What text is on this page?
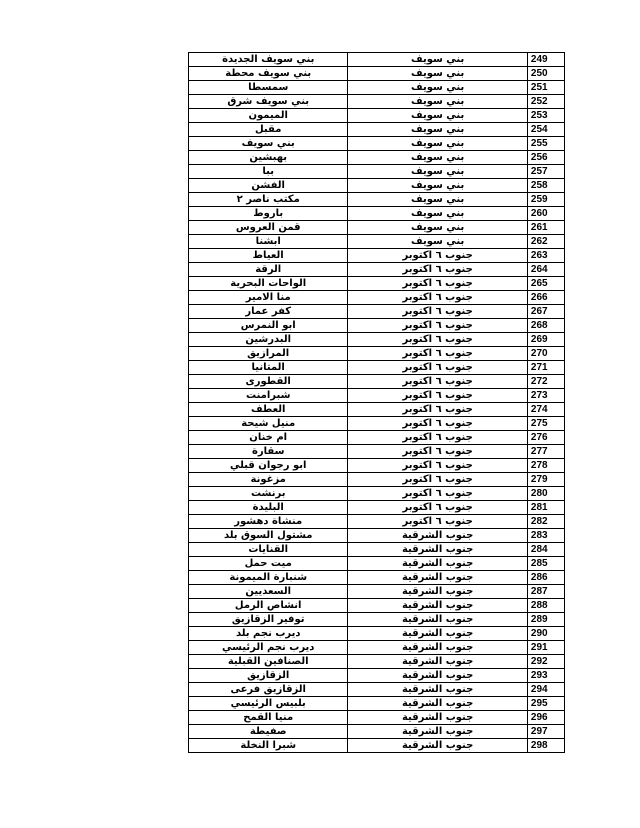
بني سويف الجديدة	بني سويف	249
بني سويف محطة	بني سويف	250
سمسطا	بني سويف	251
بني سويف شرق	بني سويف	252
الميمون	بني سويف	253
مقبل	بني سويف	254
بني سويف	بني سويف	255
بهبشين	بني سويف	256
ببا	بني سويف	257
الفشن	بني سويف	258
مكتب ناصر ٢	بني سويف	259
باروط	بني سويف	260
قمن العروس	بني سويف	261
ابشنا	بني سويف	262
العياط	جنوب ٦ اكتوبر	263
الرقة	جنوب ٦ اكتوبر	264
الواحات البحرية	جنوب ٦ اكتوبر	265
منا الامير	جنوب ٦ اكتوبر	266
كفر عمار	جنوب ٦ اكتوبر	267
ابو النمرس	جنوب ٦ اكتوبر	268
البدرشين	جنوب ٦ اكتوبر	269
المرازيق	جنوب ٦ اكتوبر	270
المتانيا	جنوب ٦ اكتوبر	271
القطورى	جنوب ٦ اكتوبر	272
شبرامنت	جنوب ٦ اكتوبر	273
العطف	جنوب ٦ اكتوبر	274
منيل شيحة	جنوب ٦ اكتوبر	275
ام خنان	جنوب ٦ اكتوبر	276
سقارة	جنوب ٦ اكتوبر	277
ابو رجوان قبلي	جنوب ٦ اكتوبر	278
مزغونة	جنوب ٦ اكتوبر	279
برنشت	جنوب ٦ اكتوبر	280
البليدة	جنوب ٦ اكتوبر	281
منشاة دهشور	جنوب ٦ اكتوبر	282
مشتول السوق بلد	جنوب الشرقية	283
القنايات	جنوب الشرقية	284
ميت حمل	جنوب الشرقية	285
شنبارة الميمونة	جنوب الشرقية	286
السعديين	جنوب الشرقية	287
انشاص الرمل	جنوب الشرقية	288
توفير الزقازيق	جنوب الشرقية	289
ديرب نجم بلد	جنوب الشرقية	290
ديرب نجم الرئيسي	جنوب الشرقية	291
الصنافين القبلية	جنوب الشرقية	292
الزقازيق	جنوب الشرقية	293
الزقازيق فرعى	جنوب الشرقية	294
بلبيس الرئيسي	جنوب الشرقية	295
منيا القمح	جنوب الشرقية	296
صفيطة	جنوب الشرقية	297
شبرا النخلة	جنوب الشرقية	298
